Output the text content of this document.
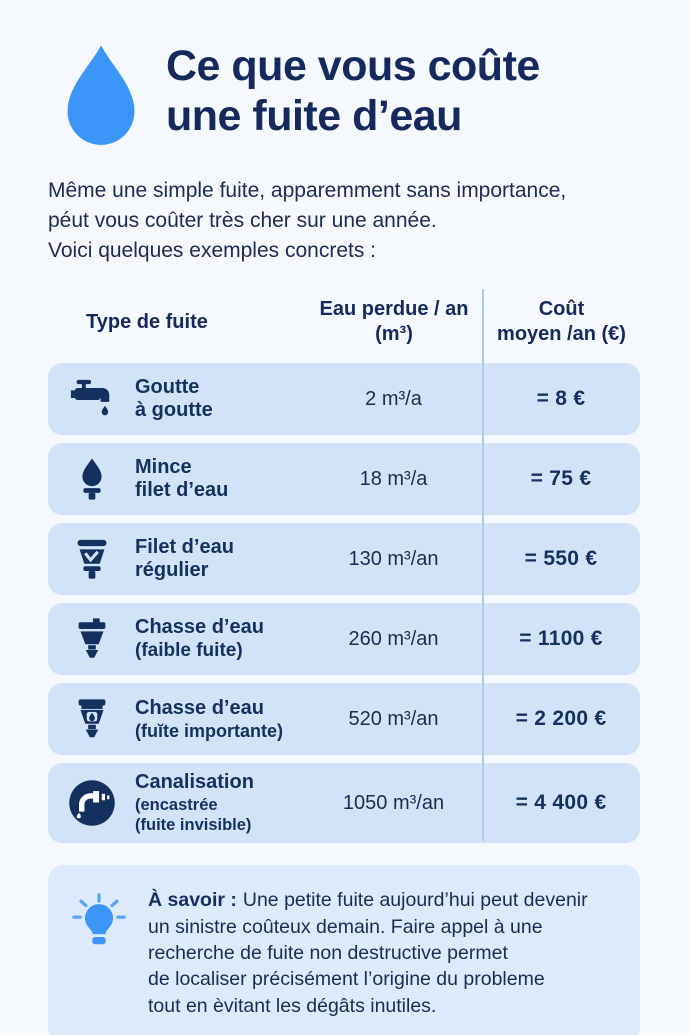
Ce que vous coûte
une fuite d’eau
Même une simple fuite, apparemment sans importance,
péut vous coûter très cher sur une année.
Voici quelques exemples concrets :
Type de fuite
Eau perdue / an
(m³)
Coût
moyen /an (€)
Goutte
à goutte
2 m³/a	= 8 €
Mince
filet d’eau
18 m³/a	= 75 €
Filet d’eau
régulier
130 m³/an	= 550 €
Chasse d’eau
(faible fuite)
260 m³/an	= 1100 €
Chasse d’eau
(fuĭte importante)
520 m³/an	= 2 200 €
Canalisation
(encastrée
(fuite invisible)
1050 m³/an	= 4 400 €
À savoir : Une petite fuite aujourd’hui peut devenir
un sinistre coûteux demain. Faire appel à une
recherche de fuite non destructive permet
de localiser précisément l’origine du probleme
tout en èvitant les dégâts inutiles.
